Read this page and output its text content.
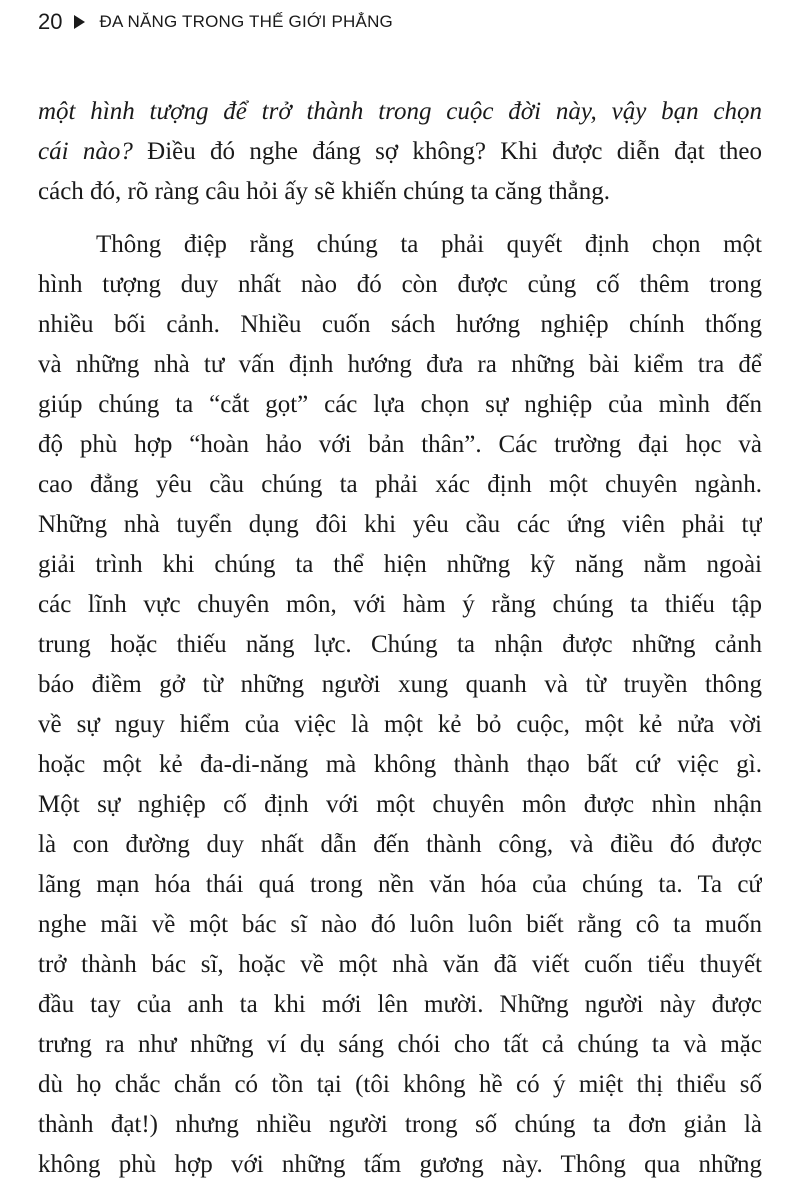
20 ĐA NĂNG TRONG THẾ GIỚI PHẲNG
một hình tượng để trở thành trong cuộc đời này, vậy bạn chọn
cái nào? Điều đó nghe đáng sợ không? Khi được diễn đạt theo
cách đó, rõ ràng câu hỏi ấy sẽ khiến chúng ta căng thẳng.
Thông điệp rằng chúng ta phải quyết định chọn một
hình tượng duy nhất nào đó còn được củng cố thêm trong
nhiều bối cảnh. Nhiều cuốn sách hướng nghiệp chính thống
và những nhà tư vấn định hướng đưa ra những bài kiểm tra để
giúp chúng ta “cắt gọt” các lựa chọn sự nghiệp của mình đến
độ phù hợp “hoàn hảo với bản thân”. Các trường đại học và
cao đẳng yêu cầu chúng ta phải xác định một chuyên ngành.
Những nhà tuyển dụng đôi khi yêu cầu các ứng viên phải tự
giải trình khi chúng ta thể hiện những kỹ năng nằm ngoài
các lĩnh vực chuyên môn, với hàm ý rằng chúng ta thiếu tập
trung hoặc thiếu năng lực. Chúng ta nhận được những cảnh
báo điềm gở từ những người xung quanh và từ truyền thông
về sự nguy hiểm của việc là một kẻ bỏ cuộc, một kẻ nửa vời
hoặc một kẻ đa-di-năng mà không thành thạo bất cứ việc gì.
Một sự nghiệp cố định với một chuyên môn được nhìn nhận
là con đường duy nhất dẫn đến thành công, và điều đó được
lãng mạn hóa thái quá trong nền văn hóa của chúng ta. Ta cứ
nghe mãi về một bác sĩ nào đó luôn luôn biết rằng cô ta muốn
trở thành bác sĩ, hoặc về một nhà văn đã viết cuốn tiểu thuyết
đầu tay của anh ta khi mới lên mười. Những người này được
trưng ra như những ví dụ sáng chói cho tất cả chúng ta và mặc
dù họ chắc chắn có tồn tại (tôi không hề có ý miệt thị thiểu số
thành đạt!) nhưng nhiều người trong số chúng ta đơn giản là
không phù hợp với những tấm gương này. Thông qua những
